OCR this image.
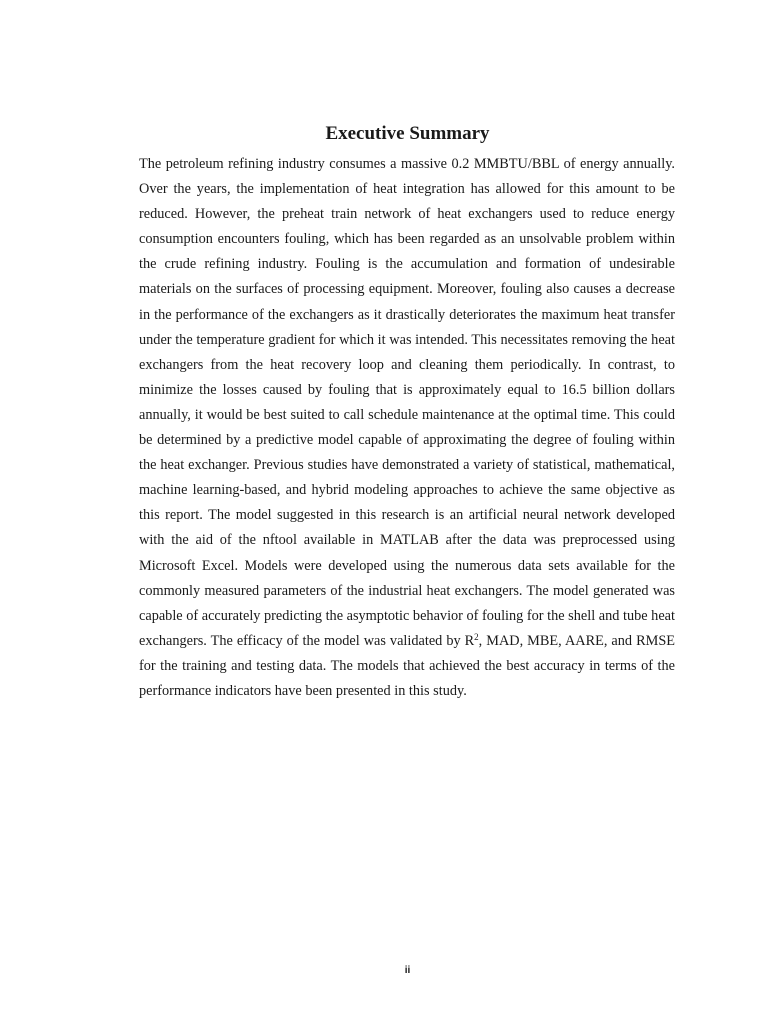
Executive Summary

The petroleum refining industry consumes a massive 0.2 MMBTU/BBL of energy annually. Over the years, the implementation of heat integration has allowed for this amount to be reduced. However, the preheat train network of heat exchangers used to reduce energy consumption encounters fouling, which has been regarded as an unsolvable problem within the crude refining industry. Fouling is the accumulation and formation of undesirable materials on the surfaces of processing equipment. Moreover, fouling also causes a decrease in the performance of the exchangers as it drastically deteriorates the maximum heat transfer under the temperature gradient for which it was intended. This necessitates removing the heat exchangers from the heat recovery loop and cleaning them periodically. In contrast, to minimize the losses caused by fouling that is approximately equal to 16.5 billion dollars annually, it would be best suited to call schedule maintenance at the optimal time. This could be determined by a predictive model capable of approximating the degree of fouling within the heat exchanger. Previous studies have demonstrated a variety of statistical, mathematical, machine learning-based, and hybrid modeling approaches to achieve the same objective as this report. The model suggested in this research is an artificial neural network developed with the aid of the nftool available in MATLAB after the data was preprocessed using Microsoft Excel. Models were developed using the numerous data sets available for the commonly measured parameters of the industrial heat exchangers. The model generated was capable of accurately predicting the asymptotic behavior of fouling for the shell and tube heat exchangers. The efficacy of the model was validated by $R^2$, MAD, MBE, AARE, and RMSE for the training and testing data. The models that achieved the best accuracy in terms of the performance indicators have been presented in this study.

ii
